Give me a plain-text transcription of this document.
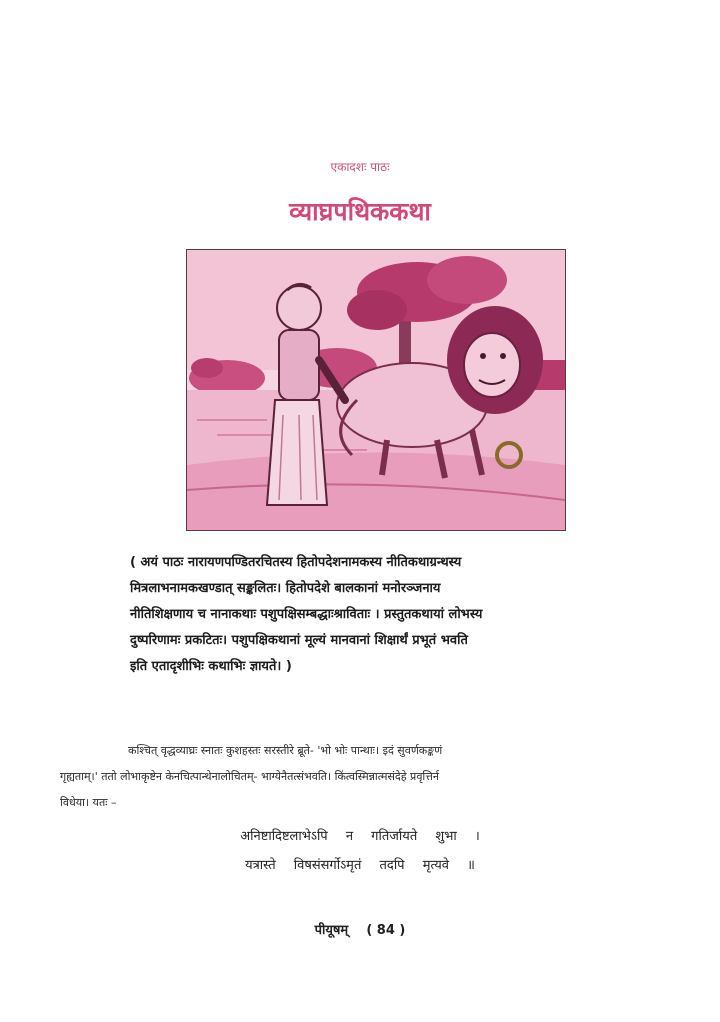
एकादशः पाठः
व्याघ्रपथिककथा
( अयं पाठः नारायणपण्डितरचितस्य हितोपदेशनामकस्य नीतिकथाग्रन्थस्य
मित्रलाभनामकखण्डात् सङ्कलितः। हितोपदेशे बालकानां मनोरञ्जनाय
नीतिशिक्षणाय च नानाकथाः पशुपक्षिसम्बद्धाःश्राविताः । प्रस्तुतकथायां लोभस्य
दुष्परिणामः प्रकटितः। पशुपक्षिकथानां मूल्यं मानवानां शिक्षार्थं प्रभूतं भवति
इति एतादृशीभिः कथाभिः ज्ञायते। )
कश्चित् वृद्धव्याघ्रः स्नातः कुशहस्तः सरस्तीरे ब्रूते- 'भो भोः पान्थाः। इदं सुवर्णकङ्कणं
गृह्यताम्।' ततो लोभाकृष्टेन केनचित्पान्थेनालोचितम्- भाग्येनैतत्संभवति। किंत्वस्मिन्नात्मसंदेहे प्रवृत्तिर्न
विधेया। यतः –
अनिष्टादिष्टलाभेऽपि न गतिर्जायते शुभा ।
यत्रास्ते विषसंसर्गोऽमृतं तदपि मृत्यवे ॥
पीयूषम् ( 84 )
